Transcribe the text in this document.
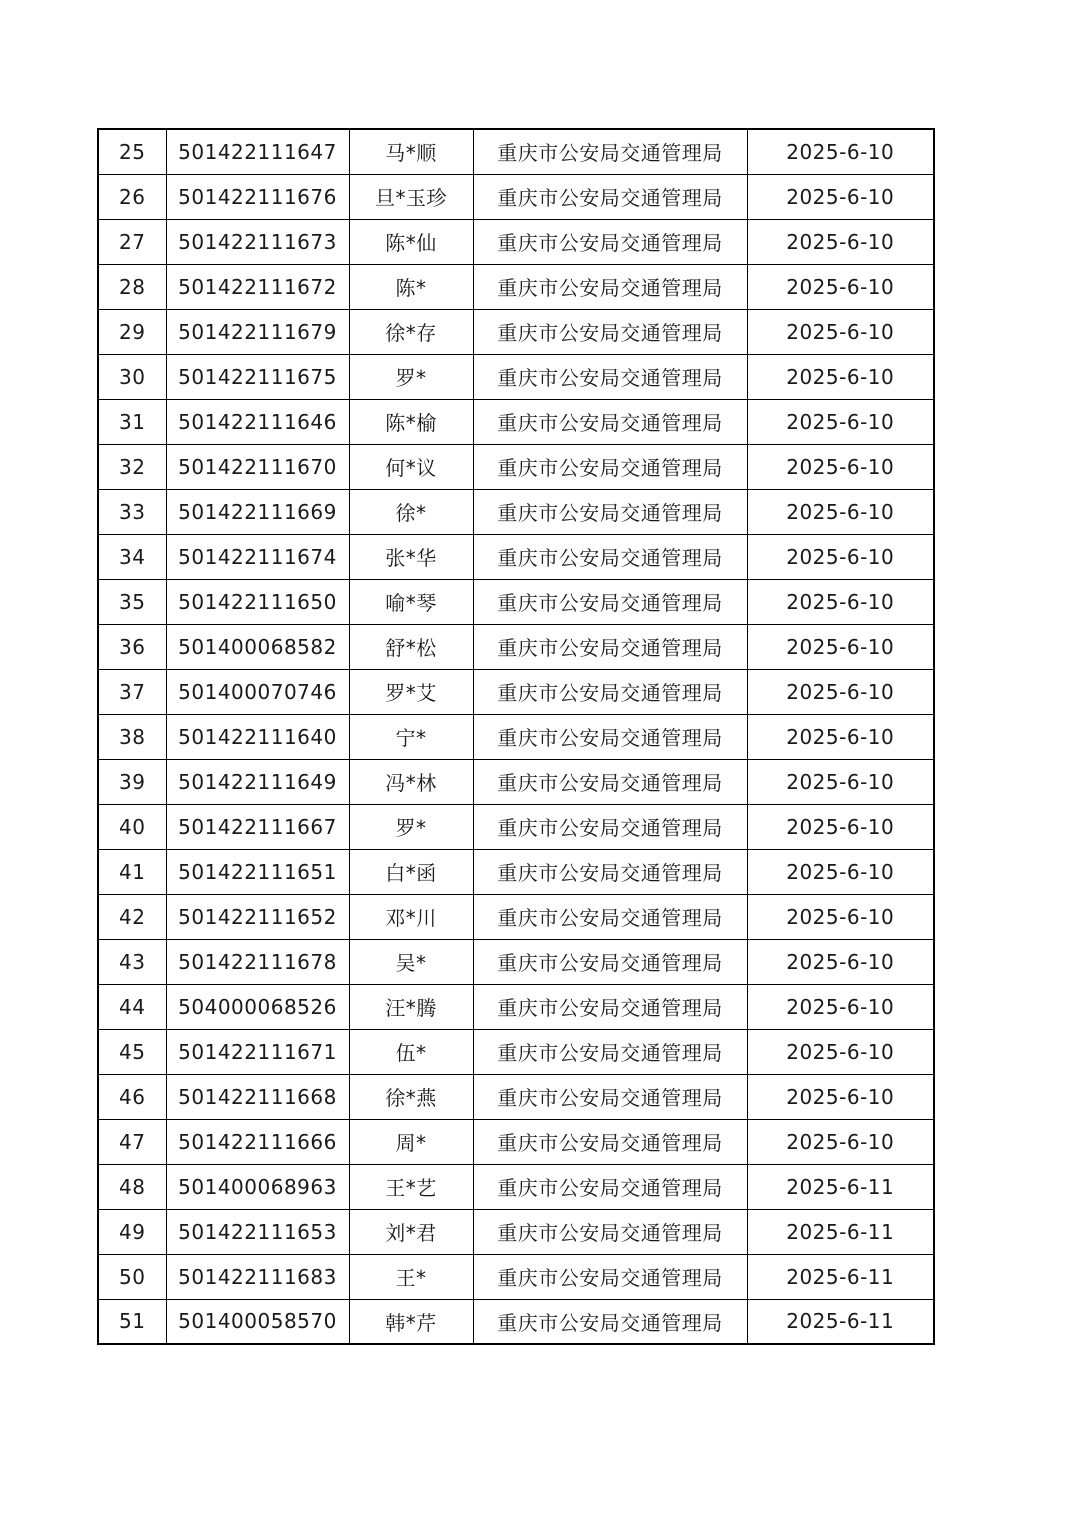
25	501422111647	马*顺	重庆市公安局交通管理局	2025-6-10
26	501422111676	旦*玉珍	重庆市公安局交通管理局	2025-6-10
27	501422111673	陈*仙	重庆市公安局交通管理局	2025-6-10
28	501422111672	陈*	重庆市公安局交通管理局	2025-6-10
29	501422111679	徐*存	重庆市公安局交通管理局	2025-6-10
30	501422111675	罗*	重庆市公安局交通管理局	2025-6-10
31	501422111646	陈*榆	重庆市公安局交通管理局	2025-6-10
32	501422111670	何*议	重庆市公安局交通管理局	2025-6-10
33	501422111669	徐*	重庆市公安局交通管理局	2025-6-10
34	501422111674	张*华	重庆市公安局交通管理局	2025-6-10
35	501422111650	喻*琴	重庆市公安局交通管理局	2025-6-10
36	501400068582	舒*松	重庆市公安局交通管理局	2025-6-10
37	501400070746	罗*艾	重庆市公安局交通管理局	2025-6-10
38	501422111640	宁*	重庆市公安局交通管理局	2025-6-10
39	501422111649	冯*林	重庆市公安局交通管理局	2025-6-10
40	501422111667	罗*	重庆市公安局交通管理局	2025-6-10
41	501422111651	白*函	重庆市公安局交通管理局	2025-6-10
42	501422111652	邓*川	重庆市公安局交通管理局	2025-6-10
43	501422111678	吴*	重庆市公安局交通管理局	2025-6-10
44	504000068526	汪*腾	重庆市公安局交通管理局	2025-6-10
45	501422111671	伍*	重庆市公安局交通管理局	2025-6-10
46	501422111668	徐*燕	重庆市公安局交通管理局	2025-6-10
47	501422111666	周*	重庆市公安局交通管理局	2025-6-10
48	501400068963	王*艺	重庆市公安局交通管理局	2025-6-11
49	501422111653	刘*君	重庆市公安局交通管理局	2025-6-11
50	501422111683	王*	重庆市公安局交通管理局	2025-6-11
51	501400058570	韩*芹	重庆市公安局交通管理局	2025-6-11
